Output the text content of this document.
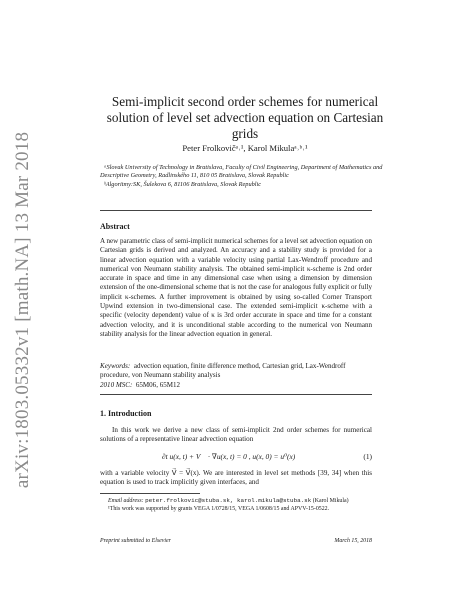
arXiv:1803.05332v1 [math.NA] 13 Mar 2018
Semi-implicit second order schemes for numerical solution of level set advection equation on Cartesian grids
Peter Frolkovičᵃ˒¹, Karol Mikulaᵃ˒ᵇ˒¹

ᵃSlovak University of Technology in Bratislava, Faculty of Civil Engineering, Department of Mathematics and Descriptive Geometry, Radlinského 11, 810 05 Bratislava, Slovak Republic

ᵇAlgoritmy:SK, Šulekova 6, 81106 Bratislava, Slovak Republic

Abstract

A new parametric class of semi-implicit numerical schemes for a level set advection equation on Cartesian grids is derived and analyzed. An accuracy and a stability study is provided for a linear advection equation with a variable velocity using partial Lax-Wendroff procedure and numerical von Neumann stability analysis. The obtained semi-implicit κ-scheme is 2nd order accurate in space and time in any dimensional case when using a dimension by dimension extension of the one-dimensional scheme that is not the case for analogous fully explicit or fully implicit κ-schemes. A further improvement is obtained by using so-called Corner Transport Upwind extension in two-dimensional case. The extended semi-implicit κ-scheme with a specific (velocity dependent) value of κ is 3rd order accurate in space and time for a constant advection velocity, and it is unconditional stable according to the numerical von Neumann stability analysis for the linear advection equation in general.

Keywords: advection equation, finite difference method, Cartesian grid, Lax-Wendroff procedure, von Neumann stability analysis

2010 MSC: 65M06, 65M12

1. Introduction

In this work we derive a new class of semi-implicit 2nd order schemes for numerical solutions of a representative linear advection equation

∂t u(x, t) + V⃗ · ∇u(x, t) = 0 , u(x, 0) = u⁰(x)	(1)

with a variable velocity V⃗ = V⃗(x). We are interested in level set methods [39, 34] when this equation is used to track implicitly given interfaces, and

Email address: peter.frolkovic@stuba.sk, karol.mikula@stuba.sk (Karol Mikula)

¹This work was supported by grants VEGA 1/0728/15, VEGA 1/0608/15 and APVV-15-0522.

Preprint submitted to Elsevier	March 15, 2018
